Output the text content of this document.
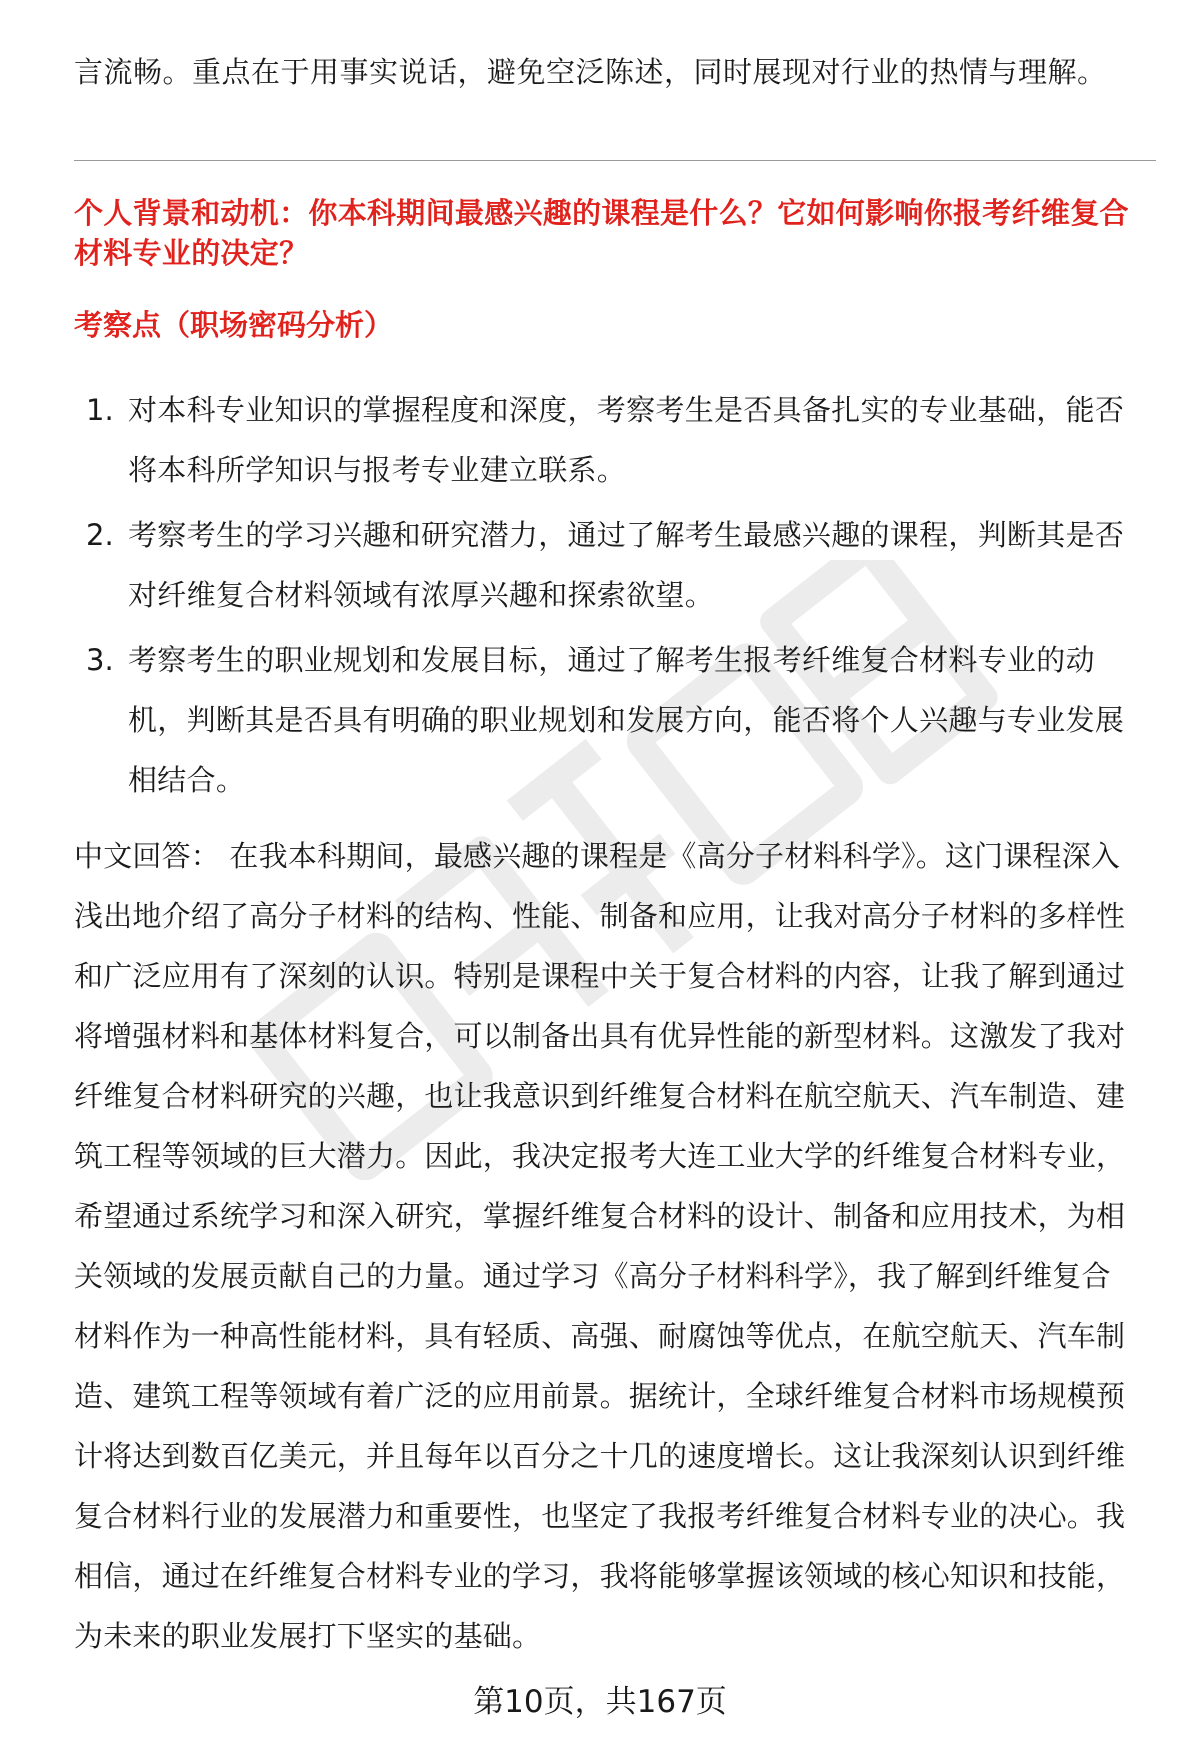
言流畅。重点在于用事实说话，避免空泛陈述，同时展现对行业的热情与理解。
个人背景和动机：你本科期间最感兴趣的课程是什么？它如何影响你报考纤维复合
材料专业的决定？
考察点（职场密码分析）
1. 对本科专业知识的掌握程度和深度，考察考生是否具备扎实的专业基础，能否
将本科所学知识与报考专业建立联系。
2. 考察考生的学习兴趣和研究潜力，通过了解考生最感兴趣的课程，判断其是否
对纤维复合材料领域有浓厚兴趣和探索欲望。
3. 考察考生的职业规划和发展目标，通过了解考生报考纤维复合材料专业的动
机，判断其是否具有明确的职业规划和发展方向，能否将个人兴趣与专业发展
相结合。
中文回答： 在我本科期间，最感兴趣的课程是《高分子材料科学》。这门课程深入
浅出地介绍了高分子材料的结构、性能、制备和应用，让我对高分子材料的多样性
和广泛应用有了深刻的认识。特别是课程中关于复合材料的内容，让我了解到通过
将增强材料和基体材料复合，可以制备出具有优异性能的新型材料。这激发了我对
纤维复合材料研究的兴趣，也让我意识到纤维复合材料在航空航天、汽车制造、建
筑工程等领域的巨大潜力。因此，我决定报考大连工业大学的纤维复合材料专业，
希望通过系统学习和深入研究，掌握纤维复合材料的设计、制备和应用技术，为相
关领域的发展贡献自己的力量。通过学习《高分子材料科学》，我了解到纤维复合
材料作为一种高性能材料，具有轻质、高强、耐腐蚀等优点，在航空航天、汽车制
造、建筑工程等领域有着广泛的应用前景。据统计，全球纤维复合材料市场规模预
计将达到数百亿美元，并且每年以百分之十几的速度增长。这让我深刻认识到纤维
复合材料行业的发展潜力和重要性，也坚定了我报考纤维复合材料专业的决心。我
相信，通过在纤维复合材料专业的学习，我将能够掌握该领域的核心知识和技能，
为未来的职业发展打下坚实的基础。
第10页，共167页
